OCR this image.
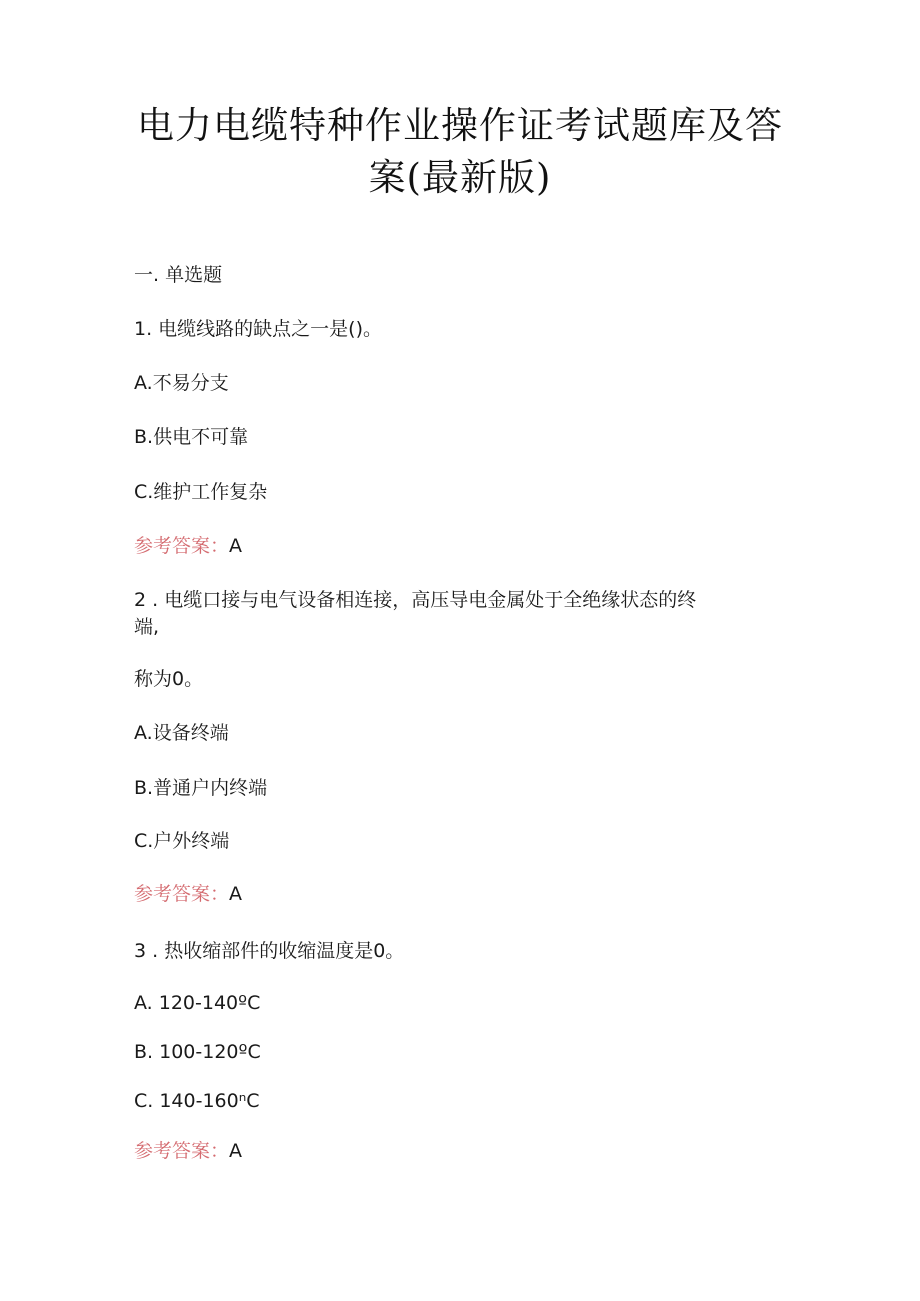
电力电缆特种作业操作证考试题库及答
案(最新版)
一. 单选题
1. 电缆线路的缺点之一是()。
A.不易分支
B.供电不可靠
C.维护工作复杂
参考答案：A
2 . 电缆口接与电气设备相连接，高压导电金属处于全绝缘状态的终
端,
称为0。
A.设备终端
B.普通户内终端
C.户外终端
参考答案：A
3 . 热收缩部件的收缩温度是0。
A. 120-140ºC
B. 100-120ºC
C. 140-160ⁿC
参考答案：A
